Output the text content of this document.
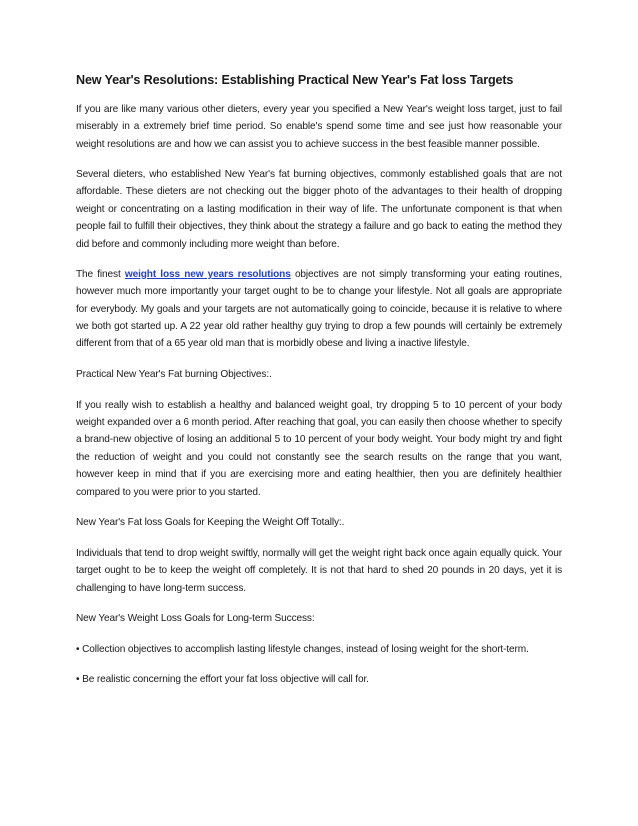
New Year's Resolutions: Establishing Practical New Year's Fat loss Targets

If you are like many various other dieters, every year you specified a New Year's weight loss target, just to fail miserably in a extremely brief time period. So enable's spend some time and see just how reasonable your weight resolutions are and how we can assist you to achieve success in the best feasible manner possible.

Several dieters, who established New Year's fat burning objectives, commonly established goals that are not affordable. These dieters are not checking out the bigger photo of the advantages to their health of dropping weight or concentrating on a lasting modification in their way of life. The unfortunate component is that when people fail to fulfill their objectives, they think about the strategy a failure and go back to eating the method they did before and commonly including more weight than before.

The finest weight loss new years resolutions objectives are not simply transforming your eating routines, however much more importantly your target ought to be to change your lifestyle. Not all goals are appropriate for everybody. My goals and your targets are not automatically going to coincide, because it is relative to where we both got started up. A 22 year old rather healthy guy trying to drop a few pounds will certainly be extremely different from that of a 65 year old man that is morbidly obese and living a inactive lifestyle.

Practical New Year's Fat burning Objectives:.

If you really wish to establish a healthy and balanced weight goal, try dropping 5 to 10 percent of your body weight expanded over a 6 month period. After reaching that goal, you can easily then choose whether to specify a brand-new objective of losing an additional 5 to 10 percent of your body weight. Your body might try and fight the reduction of weight and you could not constantly see the search results on the range that you want, however keep in mind that if you are exercising more and eating healthier, then you are definitely healthier compared to you were prior to you started.

New Year's Fat loss Goals for Keeping the Weight Off Totally:.

Individuals that tend to drop weight swiftly, normally will get the weight right back once again equally quick. Your target ought to be to keep the weight off completely. It is not that hard to shed 20 pounds in 20 days, yet it is challenging to have long-term success.

New Year's Weight Loss Goals for Long-term Success:

• Collection objectives to accomplish lasting lifestyle changes, instead of losing weight for the short-term.

• Be realistic concerning the effort your fat loss objective will call for.
